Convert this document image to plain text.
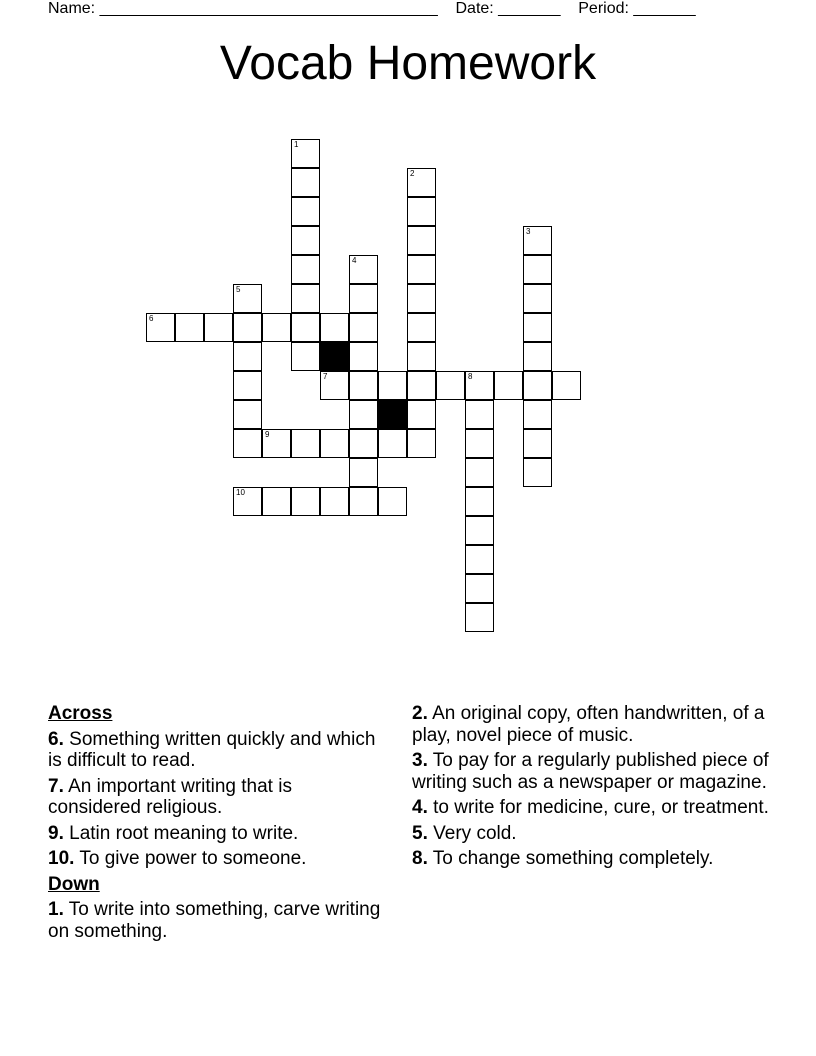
Name: ______________________________________    Date: _______    Period: _______
Vocab Homework
1
2
3
4
5
6
7	8
9
10
Across
6. Something written quickly and which is difficult to read.
7. An important writing that is considered religious.
9. Latin root meaning to write.
10. To give power to someone.
Down
1. To write into something, carve writing on something.
2. An original copy, often handwritten, of a play, novel piece of music.
3. To pay for a regularly published piece of writing such as a newspaper or magazine.
4. to write for medicine, cure, or treatment.
5. Very cold.
8. To change something completely.
